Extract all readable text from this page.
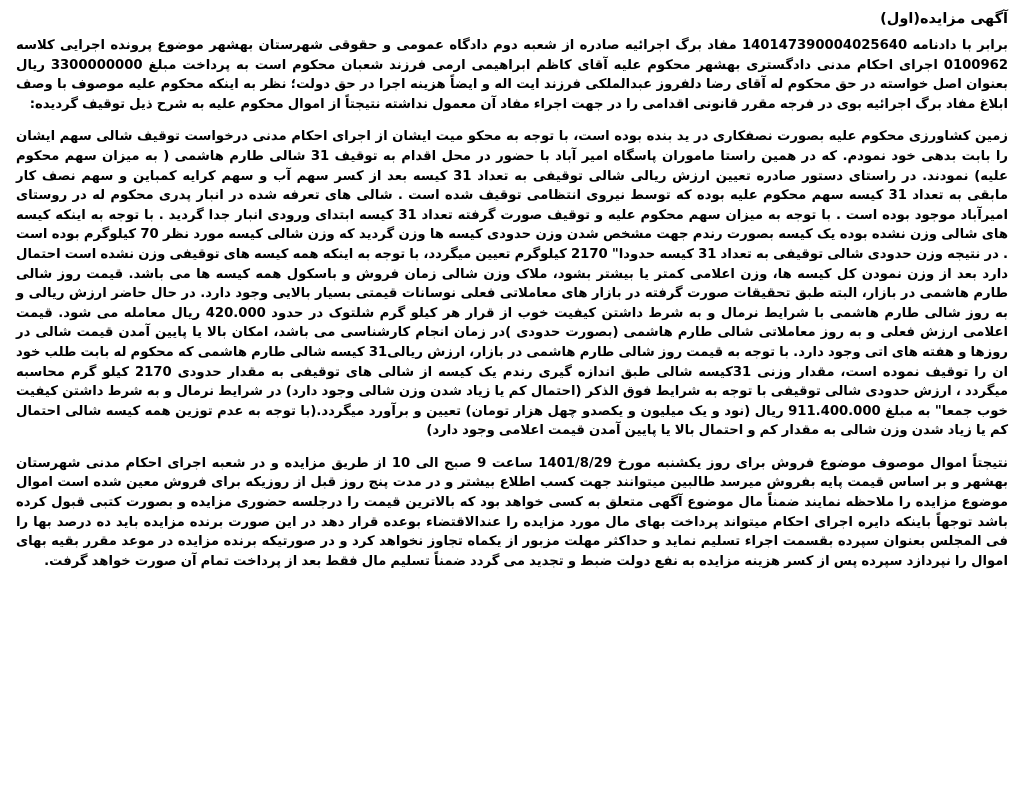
آگهی مزایده(اول)

برابر با دادنامه 140147390004025640 مفاد برگ اجرائیه صادره از شعبه دوم دادگاه عمومی و حقوقی شهرستان بهشهر موضوع پرونده اجرایی کلاسه 0100962 اجرای احکام مدنی دادگستری بهشهر محکوم علیه آقای کاظم ابراهیمی ارمی فرزند شعبان محکوم است به پرداخت مبلغ 3300000000 ریال بعنوان اصل خواسته در حق محکوم له آقای رضا دلفروز عبدالملکی فرزند ایت اله و ایضاً هزینه اجرا در حق دولت؛ نظر به اینکه محکوم علیه موصوف با وصف ابلاغ مفاد برگ اجرائیه بوی در فرجه مقرر قانونی اقدامی را در جهت اجراء مفاد آن معمول نداشته نتیجتاً از اموال محکوم علیه به شرح ذیل توقیف گردیده:

زمین کشاورزی محکوم علیه بصورت نصفکاری در ید بنده بوده است، با توجه به محکو میت ایشان از اجرای احکام مدنی درخواست توقیف شالی سهم ایشان را بابت بدهی خود نمودم. که در همین راستا ماموران پاسگاه امیر آباد با حضور در محل اقدام به توقیف 31 شالی طارم هاشمی ( به میزان سهم محکوم علیه) نمودند. در راستای دستور صادره تعیین ارزش ریالی شالی توقیفی به تعداد 31 کیسه بعد از کسر سهم آب و سهم کرایه کمباین و سهم نصف کار مابقی به تعداد 31 کیسه سهم محکوم علیه بوده که توسط نیروی انتظامی توقیف شده است . شالی های تعرفه شده در انبار پدری محکوم له در روستای امیرآباد موجود بوده است . با توجه به میزان سهم محکوم علیه و توقیف صورت گرفته تعداد 31 کیسه ابتدای ورودی انبار جدا گردید . با توجه به اینکه کیسه های شالی وزن نشده بوده یک کیسه بصورت رندم جهت مشخص شدن وزن حدودی کیسه ها وزن گردید که وزن شالی کیسه مورد نظر 70 کیلوگرم بوده است . در نتیجه وزن حدودی شالی توقیفی به تعداد 31 کیسه حدودا" 2170 کیلوگرم تعیین میگردد، با توجه به اینکه همه کیسه های توقیفی وزن نشده است احتمال دارد بعد از وزن نمودن کل کیسه ها، وزن اعلامی کمتر یا بیشتر بشود، ملاک وزن شالی زمان فروش و باسکول همه کیسه ها می باشد. قیمت روز شالی طارم هاشمی در بازار، البته طبق تحقیقات صورت گرفته در بازار های معاملاتی فعلی نوسانات قیمتی بسیار بالایی وجود دارد. در حال حاضر ارزش ریالی و به روز شالی طارم هاشمی با شرایط نرمال و به شرط داشتن کیفیت خوب از قرار هر کیلو گرم شلتوک در حدود 420.000 ریال معامله می شود. قیمت اعلامی ارزش فعلی و به روز معاملاتی شالی طارم هاشمی (بصورت حدودی )در زمان انجام کارشناسی می باشد، امکان بالا یا پایین آمدن قیمت شالی در روزها و هفته های اتی وجود دارد. با توجه به قیمت روز شالی طارم هاشمی در بازار، ارزش ریالی31 کیسه شالی طارم هاشمی که محکوم له بابت طلب خود ان را توقیف نموده است، مقدار وزنی 31کیسه شالی طبق اندازه گیری رندم یک کیسه از شالی های توقیفی به مقدار حدودی 2170 کیلو گرم محاسبه میگردد ، ارزش حدودی شالی توقیفی با توجه به شرایط فوق الذکر (احتمال کم یا زیاد شدن وزن شالی وجود دارد) در شرایط نرمال و به شرط داشتن کیفیت خوب جمعا" به مبلغ 911.400.000 ریال (نود و یک میلیون و یکصدو چهل هزار تومان) تعیین و برآورد میگردد.(با توجه به عدم توزین همه کیسه شالی احتمال کم یا زیاد شدن وزن شالی به مقدار کم و احتمال بالا یا پایین آمدن قیمت اعلامی وجود دارد)

نتیجتاً اموال موصوف موضوع فروش برای روز یکشنبه مورخ 1401/8/29 ساعت 9 صبح الی 10 از طریق مزایده و در شعبه اجرای احکام مدنی شهرستان بهشهر و بر اساس قیمت پایه بفروش میرسد طالبین میتوانند جهت کسب اطلاع بیشتر و در مدت پنج روز قبل از روزیکه برای فروش معین شده است اموال موضوع مزایده را ملاحظه نمایند ضمناً مال موضوع آگهی متعلق به کسی خواهد بود که بالاترین قیمت را درجلسه حضوری مزایده و بصورت کتبی قبول کرده باشد توجهاً باینکه دایره اجرای احکام میتواند پرداخت بهای مال مورد مزایده را عندالاقتضاء بوعده قرار دهد در این صورت برنده مزایده باید ده درصد بها را فی المجلس بعنوان سپرده بقسمت اجراء تسلیم نماید و حداکثر مهلت مزبور از یکماه تجاوز نخواهد کرد و در صورتیکه برنده مزایده در موعد مقرر بقیه بهای اموال را نپردازد سپرده پس از کسر هزینه مزایده به نفع دولت ضبط و تجدید می گردد ضمناً تسلیم مال فقط بعد از پرداخت تمام آن صورت خواهد گرفت.
